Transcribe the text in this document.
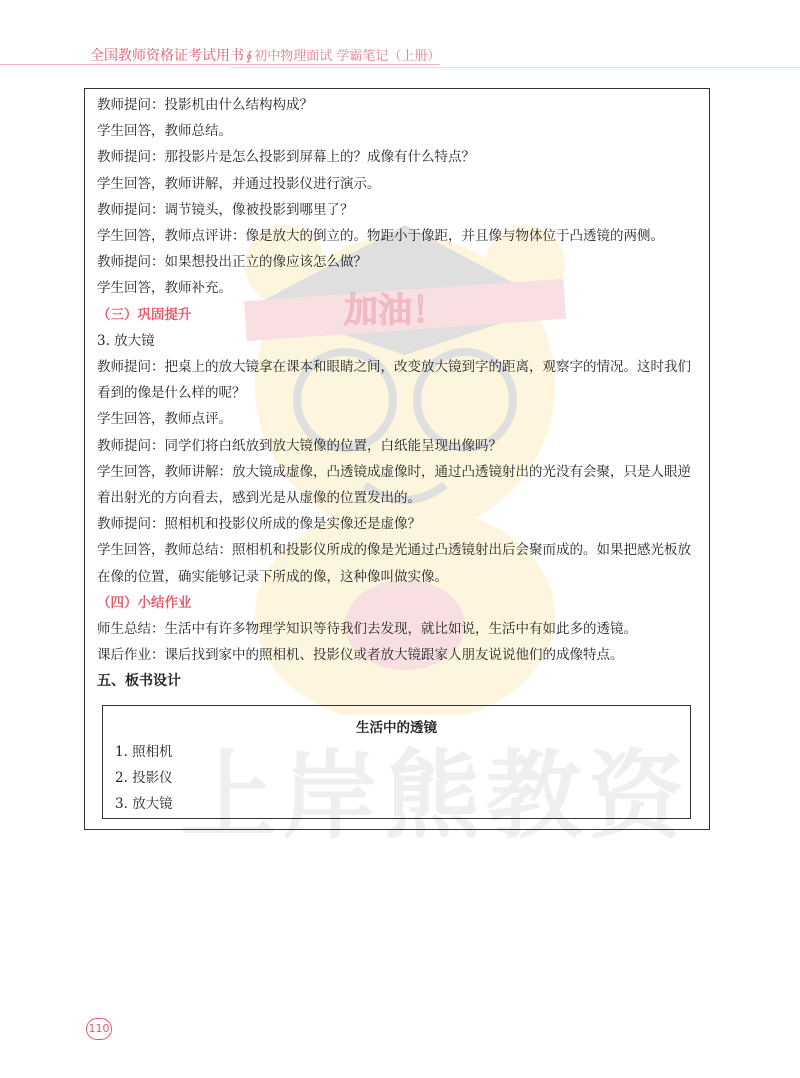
全国教师资格证考试用书 ∮ 初中物理面试 学霸笔记（上册）
加油！
上岸熊教资
教师提问：投影机由什么结构构成？
学生回答，教师总结。
教师提问：那投影片是怎么投影到屏幕上的？成像有什么特点？
学生回答，教师讲解，并通过投影仪进行演示。
教师提问：调节镜头，像被投影到哪里了？
学生回答，教师点评讲：像是放大的倒立的。物距小于像距，并且像与物体位于凸透镜的两侧。
教师提问：如果想投出正立的像应该怎么做？
学生回答，教师补充。
（三）巩固提升
3. 放大镜
教师提问：把桌上的放大镜拿在课本和眼睛之间，改变放大镜到字的距离，观察字的情况。这时我们看到的像是什么样的呢？
学生回答，教师点评。
教师提问：同学们将白纸放到放大镜像的位置，白纸能呈现出像吗？
学生回答，教师讲解：放大镜成虚像，凸透镜成虚像时，通过凸透镜射出的光没有会聚，只是人眼逆着出射光的方向看去，感到光是从虚像的位置发出的。
教师提问：照相机和投影仪所成的像是实像还是虚像？
学生回答，教师总结：照相机和投影仪所成的像是光通过凸透镜射出后会聚而成的。如果把感光板放在像的位置，确实能够记录下所成的像，这种像叫做实像。
（四）小结作业
师生总结：生活中有许多物理学知识等待我们去发现，就比如说，生活中有如此多的透镜。
课后作业：课后找到家中的照相机、投影仪或者放大镜跟家人朋友说说他们的成像特点。
五、板书设计
生活中的透镜
1. 照相机
2. 投影仪
3. 放大镜
110
